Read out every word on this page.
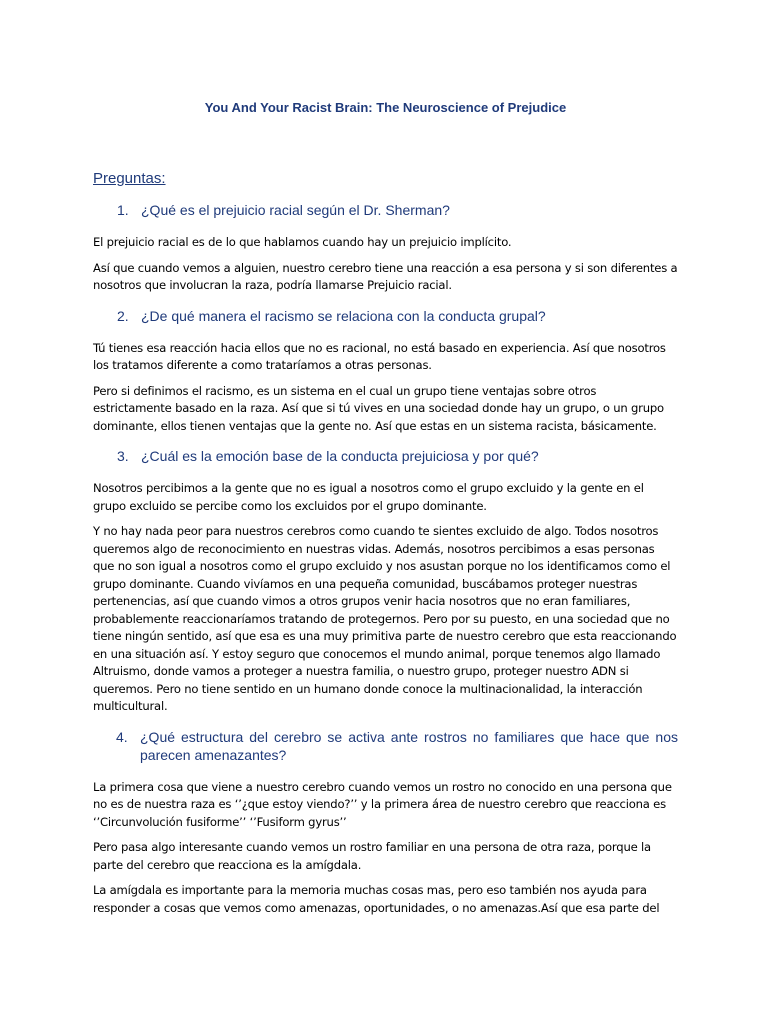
You And Your Racist Brain: The Neuroscience of Prejudice
Preguntas:
1. ¿Qué es el prejuicio racial según el Dr. Sherman?

El prejuicio racial es de lo que hablamos cuando hay un prejuicio implícito.

Así que cuando vemos a alguien, nuestro cerebro tiene una reacción a esa persona y si son diferentes a nosotros que involucran la raza, podría llamarse Prejuicio racial.

2. ¿De qué manera el racismo se relaciona con la conducta grupal?

Tú tienes esa reacción hacia ellos que no es racional, no está basado en experiencia. Así que nosotros los tratamos diferente a como trataríamos a otras personas.

Pero si definimos el racismo, es un sistema en el cual un grupo tiene ventajas sobre otros estrictamente basado en la raza. Así que si tú vives en una sociedad donde hay un grupo, o un grupo dominante, ellos tienen ventajas que la gente no. Así que estas en un sistema racista, básicamente.

3. ¿Cuál es la emoción base de la conducta prejuiciosa y por qué?

Nosotros percibimos a la gente que no es igual a nosotros como el grupo excluido y la gente en el grupo excluido se percibe como los excluidos por el grupo dominante.

Y no hay nada peor para nuestros cerebros como cuando te sientes excluido de algo. Todos nosotros queremos algo de reconocimiento en nuestras vidas. Además, nosotros percibimos a esas personas que no son igual a nosotros como el grupo excluido y nos asustan porque no los identificamos como el grupo dominante. Cuando vivíamos en una pequeña comunidad, buscábamos proteger nuestras pertenencias, así que cuando vimos a otros grupos venir hacia nosotros que no eran familiares, probablemente reaccionaríamos tratando de protegernos. Pero por su puesto, en una sociedad que no tiene ningún sentido, así que esa es una muy primitiva parte de nuestro cerebro que esta reaccionando en una situación así. Y estoy seguro que conocemos el mundo animal, porque tenemos algo llamado Altruismo, donde vamos a proteger a nuestra familia, o nuestro grupo, proteger nuestro ADN si queremos. Pero no tiene sentido en un humano donde conoce la multinacionalidad, la interacción multicultural.

4. ¿Qué estructura del cerebro se activa ante rostros no familiares que hace que nos parecen amenazantes?

La primera cosa que viene a nuestro cerebro cuando vemos un rostro no conocido en una persona que no es de nuestra raza es ‘’¿que estoy viendo?’’ y la primera área de nuestro cerebro que reacciona es ‘’Circunvolución fusiforme’’ ‘’Fusiform gyrus’’

Pero pasa algo interesante cuando vemos un rostro familiar en una persona de otra raza, porque la parte del cerebro que reacciona es la amígdala.

La amígdala es importante para la memoria muchas cosas mas, pero eso también nos ayuda para responder a cosas que vemos como amenazas, oportunidades, o no amenazas.Así que esa parte del
